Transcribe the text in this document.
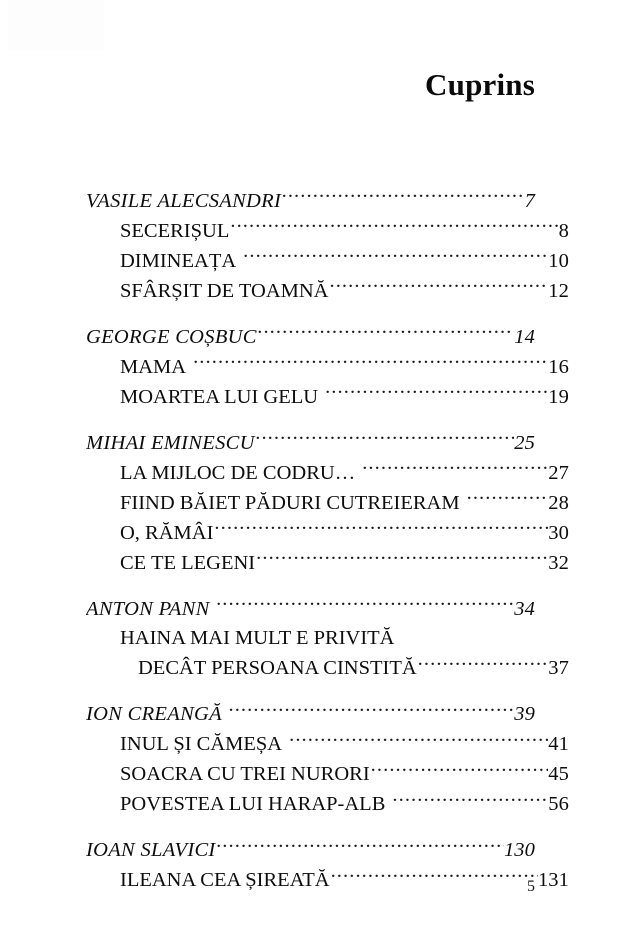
Cuprins
VASILE ALECSANDRI .....	7
SECERIȘUL .....	8
DIMINEAȚA .....	10
SFÂRȘIT DE TOAMNĂ .....	12
GEORGE COȘBUC .....	14
MAMA .....	16
MOARTEA LUI GELU .....	19
MIHAI EMINESCU .....	25
LA MIJLOC DE CODRU… .....	27
FIIND BĂIET PĂDURI CUTREIERAM .....	28
O, RĂMÂI .....	30
CE TE LEGENI .....	32
ANTON PANN .....	34
HAINA MAI MULT E PRIVITĂ
DECÂT PERSOANA CINSTITĂ .....	37
ION CREANGĂ .....	39
INUL ȘI CĂMEȘA .....	41
SOACRA CU TREI NURORI .....	45
POVESTEA LUI HARAP-ALB .....	56
IOAN SLAVICI .....	130
ILEANA CEA ȘIREATĂ .....	131
5
